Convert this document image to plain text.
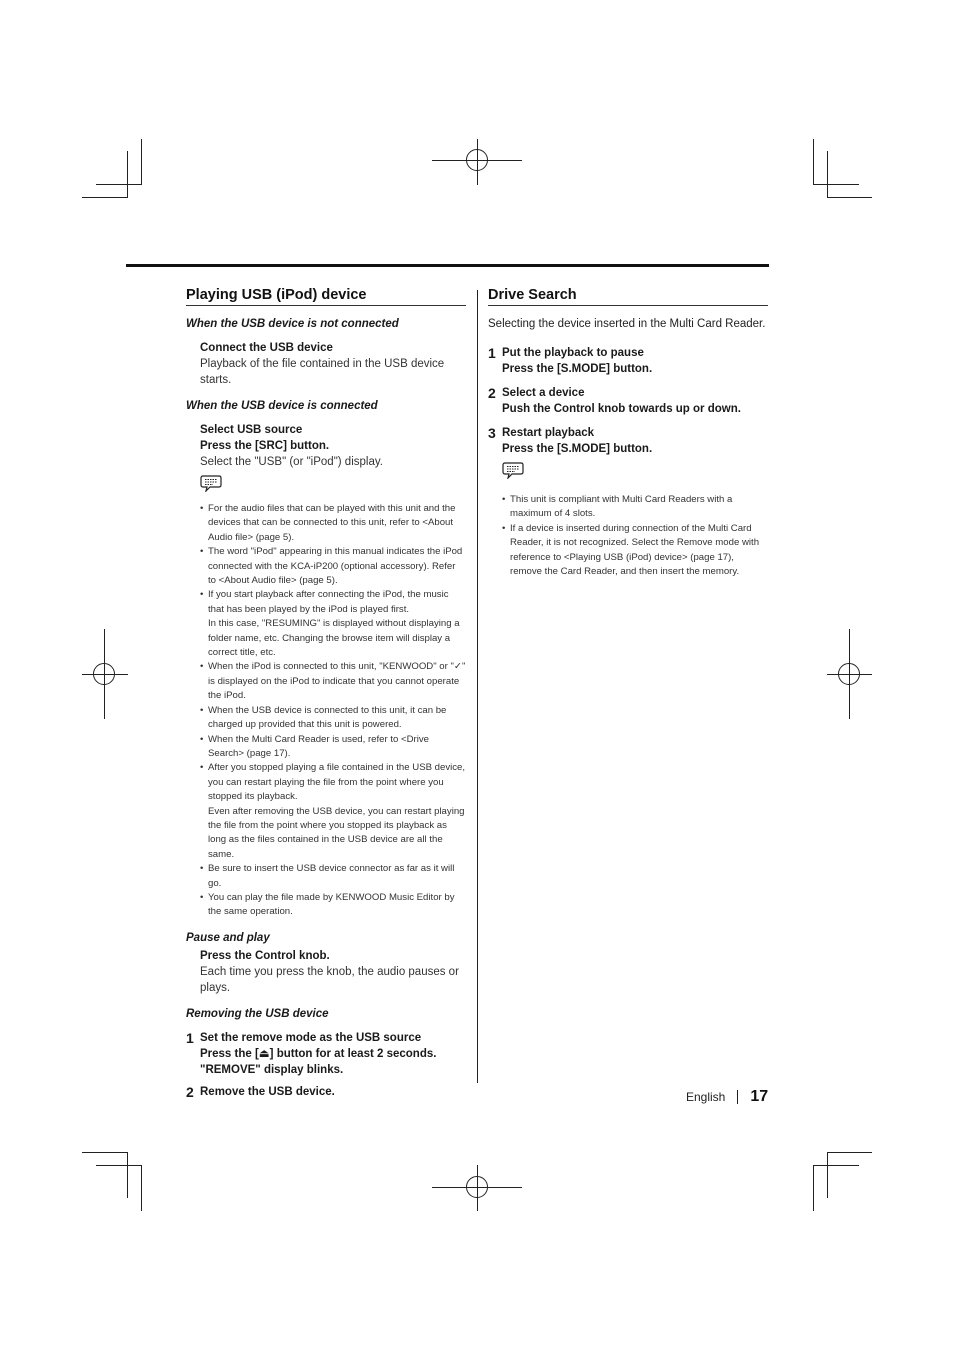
Playing USB (iPod) device
When the USB device is not connected
Connect the USB device
Playback of the file contained in the USB device starts.
When the USB device is connected
Select USB source
Press the [SRC] button.
Select the "USB" (or "iPod") display.
• For the audio files that can be played with this unit and the devices that can be connected to this unit, refer to <About Audio file> (page 5).
• The word "iPod" appearing in this manual indicates the iPod connected with the KCA-iP200 (optional accessory). Refer to <About Audio file> (page 5).
• If you start playback after connecting the iPod, the music that has been played by the iPod is played first.
In this case, "RESUMING" is displayed without displaying a folder name, etc. Changing the browse item will display a correct title, etc.
• When the iPod is connected to this unit, "KENWOOD" or "✓" is displayed on the iPod to indicate that you cannot operate the iPod.
• When the USB device is connected to this unit, it can be charged up provided that this unit is powered.
• When the Multi Card Reader is used, refer to <Drive Search> (page 17).
• After you stopped playing a file contained in the USB device, you can restart playing the file from the point where you stopped its playback.
Even after removing the USB device, you can restart playing the file from the point where you stopped its playback as long as the files contained in the USB device are all the same.
• Be sure to insert the USB device connector as far as it will go.
• You can play the file made by KENWOOD Music Editor by the same operation.
Pause and play
Press the Control knob.
Each time you press the knob, the audio pauses or plays.
Removing the USB device
1 Set the remove mode as the USB source
Press the [⏏] button for at least 2 seconds.
"REMOVE" display blinks.
2 Remove the USB device.
Drive Search
Selecting the device inserted in the Multi Card Reader.
1 Put the playback to pause
Press the [S.MODE] button.
2 Select a device
Push the Control knob towards up or down.
3 Restart playback
Press the [S.MODE] button.
• This unit is compliant with Multi Card Readers with a maximum of 4 slots.
• If a device is inserted during connection of the Multi Card Reader, it is not recognized. Select the Remove mode with reference to <Playing USB (iPod) device> (page 17), remove the Card Reader, and then insert the memory.
English 17
